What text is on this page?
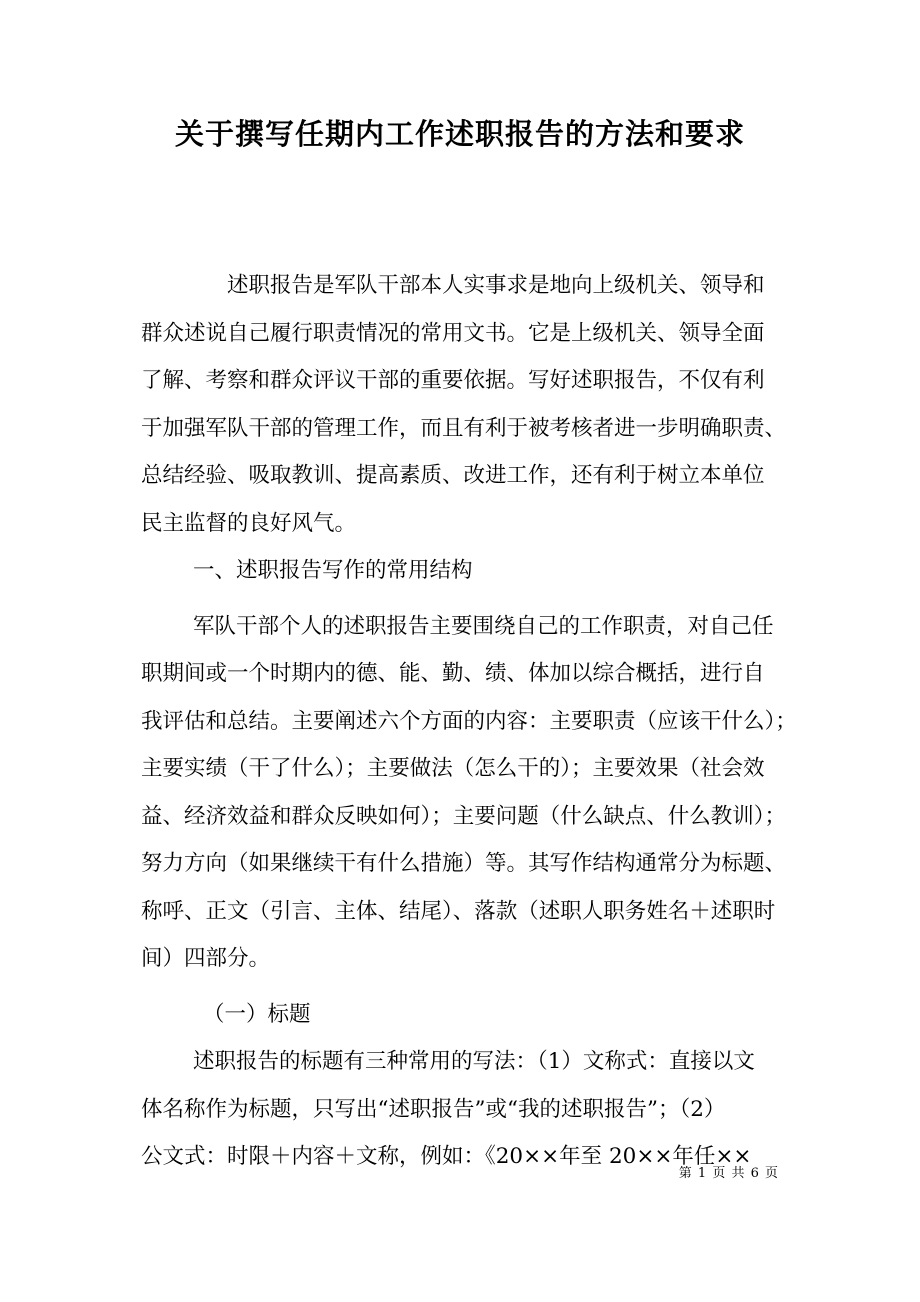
关于撰写任期内工作述职报告的方法和要求
述职报告是军队干部本人实事求是地向上级机关、领导和
群众述说自己履行职责情况的常用文书。它是上级机关、领导全面
了解、考察和群众评议干部的重要依据。写好述职报告，不仅有利
于加强军队干部的管理工作，而且有利于被考核者进一步明确职责、
总结经验、吸取教训、提高素质、改进工作，还有利于树立本单位
民主监督的良好风气。
一、述职报告写作的常用结构
军队干部个人的述职报告主要围绕自己的工作职责，对自己任
职期间或一个时期内的德、能、勤、绩、体加以综合概括，进行自
我评估和总结。主要阐述六个方面的内容：主要职责（应该干什么）；
主要实绩（干了什么）；主要做法（怎么干的）；主要效果（社会效
益、经济效益和群众反映如何）；主要问题（什么缺点、什么教训）；
努力方向（如果继续干有什么措施）等。其写作结构通常分为标题、
称呼、正文（引言、主体、结尾）、落款（述职人职务姓名＋述职时
间）四部分。
（一）标题
述职报告的标题有三种常用的写法：（1）文称式：直接以文
体名称作为标题，只写出“述职报告”或“我的述职报告”；（2）
公文式：时限＋内容＋文称，例如：《20××年至 20××年任××
第 1 页 共 6 页
